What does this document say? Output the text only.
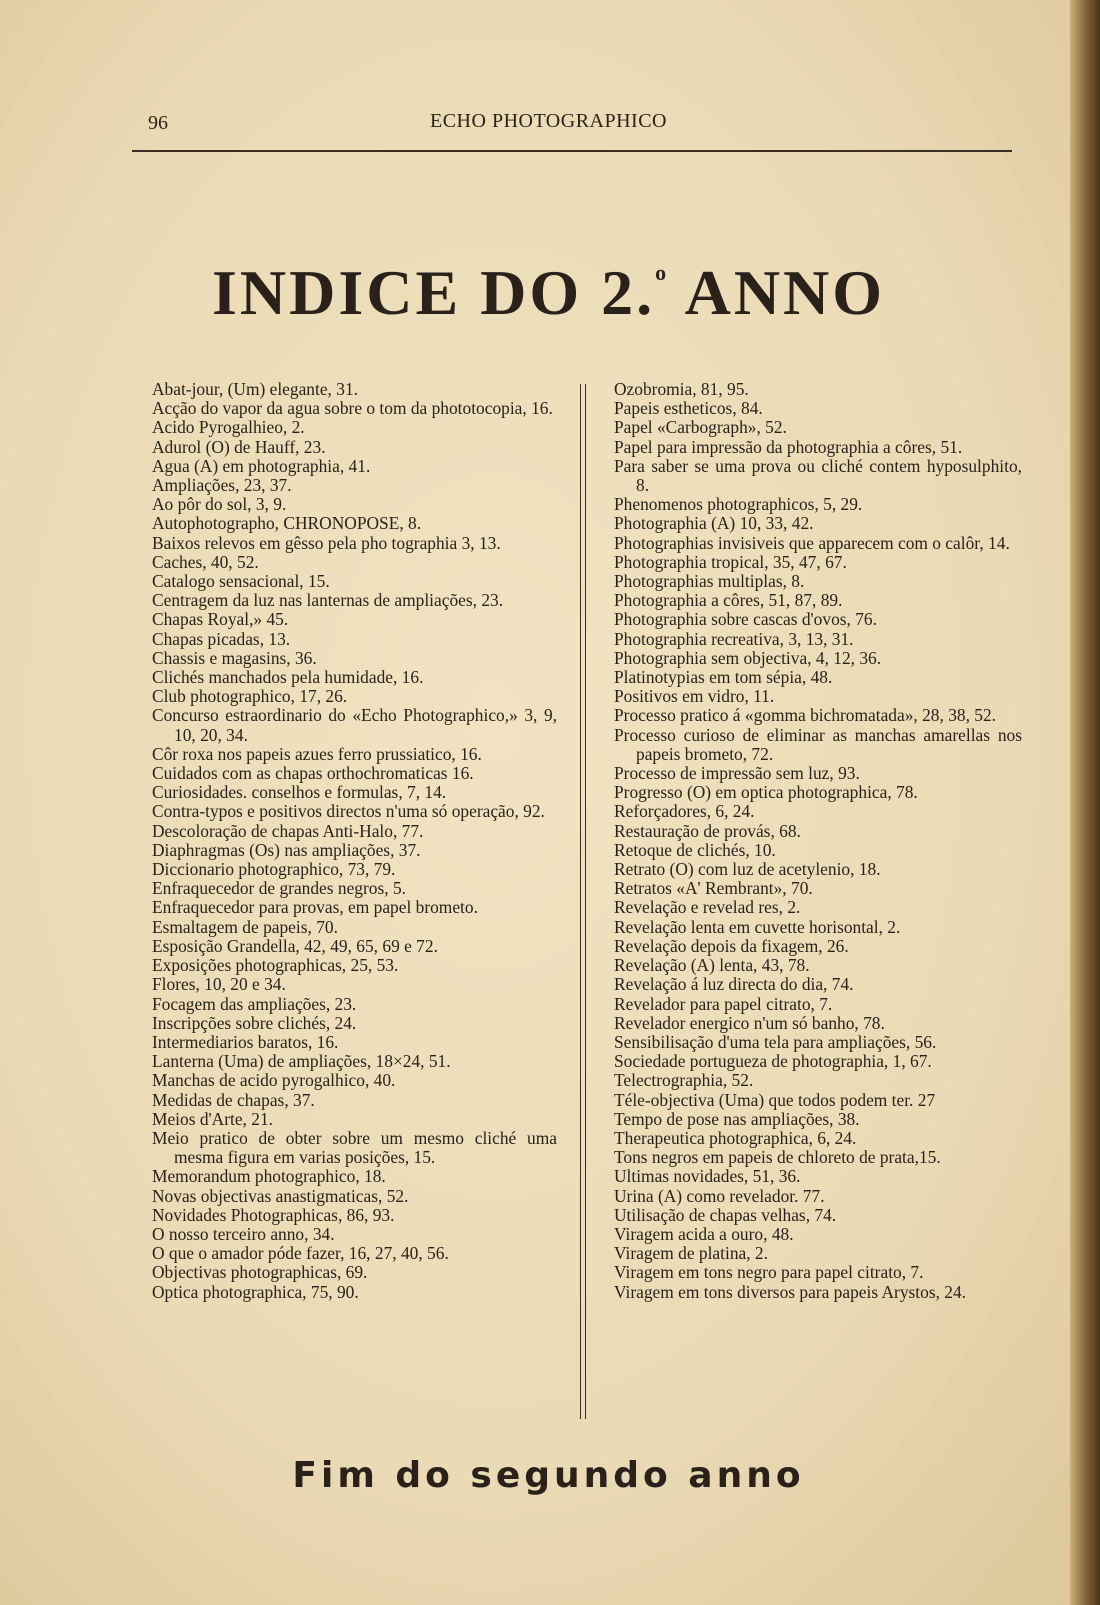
96	ECHO PHOTOGRAPHICO
INDICE DO 2.$^o$ ANNO

Abat-jour, (Um) elegante, 31.

Acção do vapor da agua sobre o tom da phototocopia, 16.

Acido Pyrogalhieo, 2.

Adurol (O) de Hauff, 23.

Agua (A) em photographia, 41.

Ampliações, 23, 37.

Ao pôr do sol, 3, 9.

Autophotographo, CHRONOPOSE, 8.

Baixos relevos em gêsso pela pho tographia 3, 13.

Caches, 40, 52.

Catalogo sensacional, 15.

Centragem da luz nas lanternas de ampliações, 23.

Chapas Royal,» 45.

Chapas picadas, 13.

Chassis e magasins, 36.

Clichés manchados pela humidade, 16.

Club photographico, 17, 26.

Concurso estraordinario do «Echo Photographico,» 3, 9, 10, 20, 34.

Côr roxa nos papeis azues ferro prussiatico, 16.

Cuidados com as chapas orthochromaticas 16.

Curiosidades. conselhos e formulas, 7, 14.

Contra-typos e positivos directos n'uma só operação, 92.

Descoloração de chapas Anti-Halo, 77.

Diaphragmas (Os) nas ampliações, 37.

Diccionario photographico, 73, 79.

Enfraquecedor de grandes negros, 5.

Enfraquecedor para provas, em papel brometo.

Esmaltagem de papeis, 70.

Esposição Grandella, 42, 49, 65, 69 e 72.

Exposições photographicas, 25, 53.

Flores, 10, 20 e 34.

Focagem das ampliações, 23.

Inscripções sobre clichés, 24.

Intermediarios baratos, 16.

Lanterna (Uma) de ampliações, 18×24, 51.

Manchas de acido pyrogalhico, 40.

Medidas de chapas, 37.

Meios d'Arte, 21.

Meio pratico de obter sobre um mesmo cliché uma mesma figura em varias posições, 15.

Memorandum photographico, 18.

Novas objectivas anastigmaticas, 52.

Novidades Photographicas, 86, 93.

O nosso terceiro anno, 34.

O que o amador póde fazer, 16, 27, 40, 56.

Objectivas photographicas, 69.

Optica photographica, 75, 90.

Ozobromia, 81, 95.

Papeis estheticos, 84.

Papel «Carbograph», 52.

Papel para impressão da photographia a côres, 51.

Para saber se uma prova ou cliché contem hyposulphito, 8.

Phenomenos photographicos, 5, 29.

Photographia (A) 10, 33, 42.

Photographias invisiveis que apparecem com o calôr, 14.

Photographia tropical, 35, 47, 67.

Photographias multiplas, 8.

Photographia a côres, 51, 87, 89.

Photographia sobre cascas d'ovos, 76.

Photographia recreativa, 3, 13, 31.

Photographia sem objectiva, 4, 12, 36.

Platinotypias em tom sépia, 48.

Positivos em vidro, 11.

Processo pratico á «gomma bichromatada», 28, 38, 52.

Processo curioso de eliminar as manchas amarellas nos papeis brometo, 72.

Processo de impressão sem luz, 93.

Progresso (O) em optica photographica, 78.

Reforçadores, 6, 24.

Restauração de provás, 68.

Retoque de clichés, 10.

Retrato (O) com luz de acetylenio, 18.

Retratos «A' Rembrant», 70.

Revelação e revelad res, 2.

Revelação lenta em cuvette horisontal, 2.

Revelação depois da fixagem, 26.

Revelação (A) lenta, 43, 78.

Revelação á luz directa do dia, 74.

Revelador para papel citrato, 7.

Revelador energico n'um só banho, 78.

Sensibilisação d'uma tela para ampliações, 56.

Sociedade portugueza de photographia, 1, 67.

Telectrographia, 52.

Téle-objectiva (Uma) que todos podem ter. 27

Tempo de pose nas ampliações, 38.

Therapeutica photographica, 6, 24.

Tons negros em papeis de chloreto de prata,15.

Ultimas novidades, 51, 36.

Urina (A) como revelador. 77.

Utilisação de chapas velhas, 74.

Viragem acida a ouro, 48.

Viragem de platina, 2.

Viragem em tons negro para papel citrato, 7.

Viragem em tons diversos para papeis Arystos, 24.

Fim do segundo anno
